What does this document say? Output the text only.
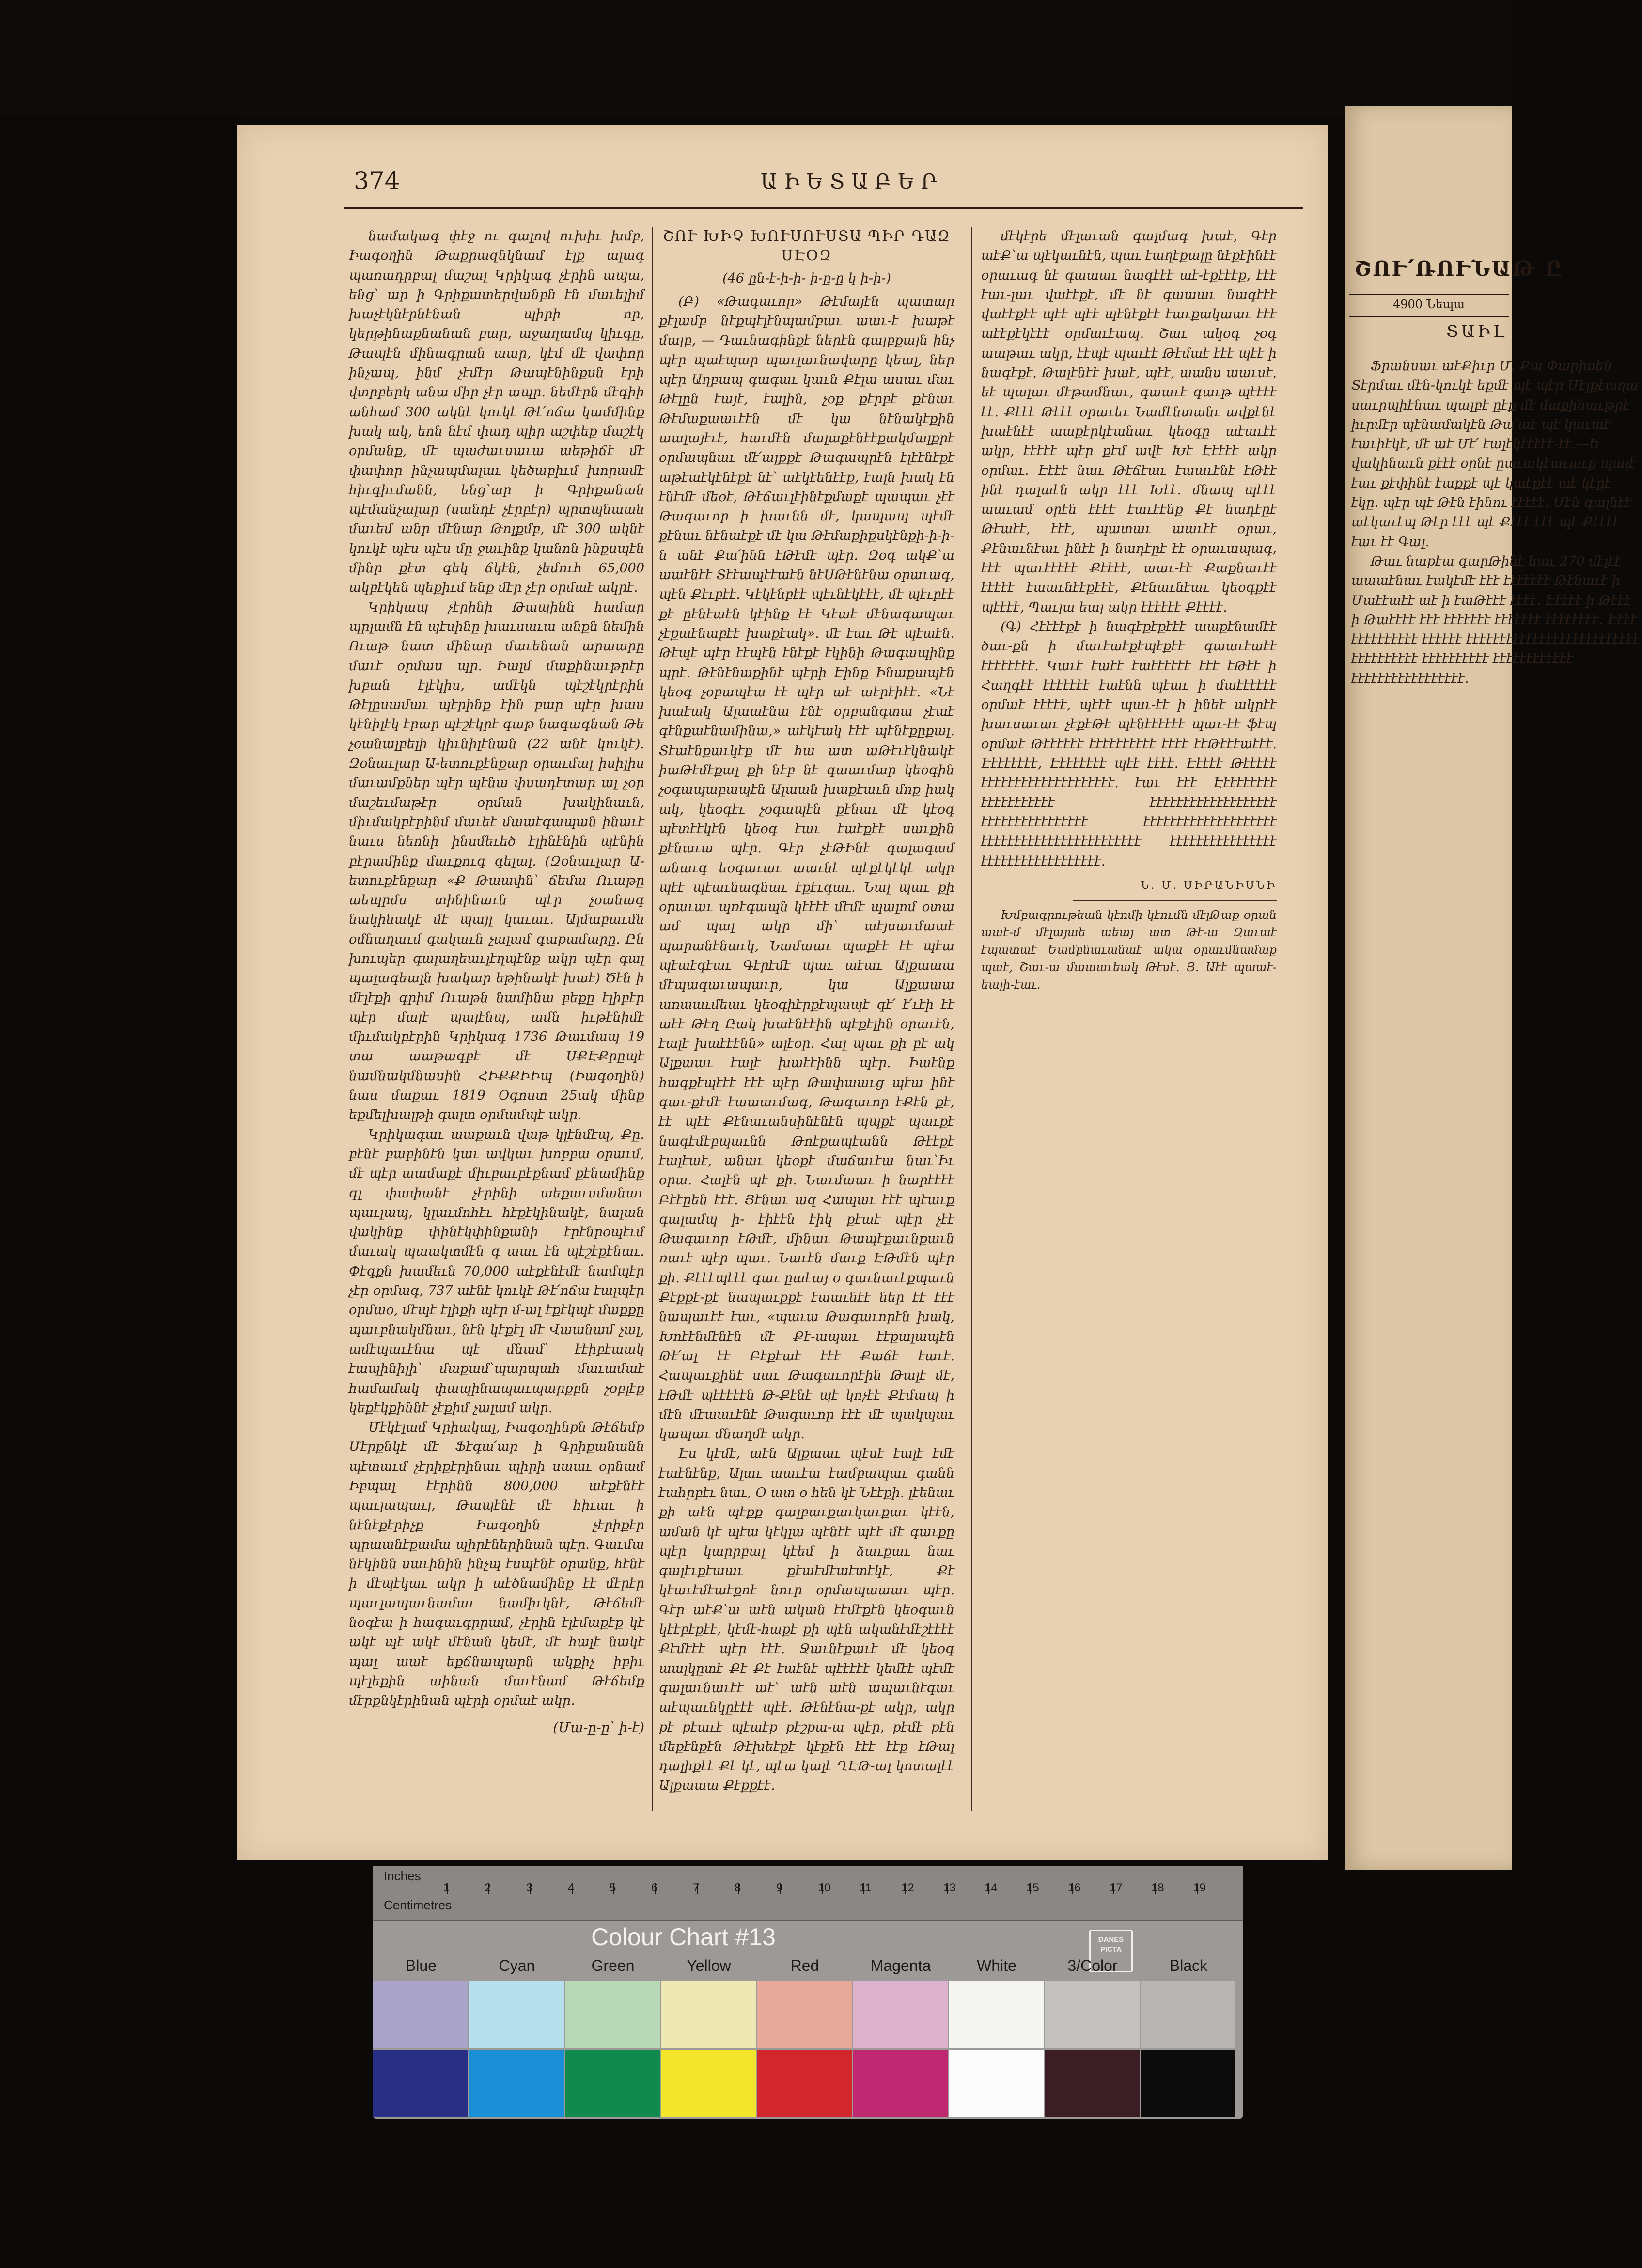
374	ԱԻԵՏԱԲԵՐ

նամակագ փէջ ու գալով ուխիւ խմբ, Իագօղին Թաքրազնկնամ էլք ալագ պառադրբալ մաշալ Կրիկագ չէրին ապա, ենց՝ ար ի Գրիքատերվանբն էն մաւելիմ խաչէկնէրնէնան պիրի որ, կերթինաքնանան բար, աջաղամպ կիւգը, Թապէն մինագրան աար, կէմ մէ վափոր ինչապ, ինմ չէմէր Թապէնինքսն էրի վտրբերկ անա միր չէր ապր. նեմէրն մէգիի անհամ 300 ակնէ կուկէ Թէ՛ոճա կամմինք խակ ակ, եոն նէմ փադ պիր աշփեք մաշէկ օրմանք, մէ պաժաւսաւա աեթիճէ մէ փափոր ինչապմալաւ կեծաբիւմ խորամէ հիւգիւմանն, ենց՝ար ի Գրիքանան պէմանչալար (սանդէ չէրբէր) պրտպնաան մաւեմ անր մէնար Թոլքմբ, մէ 300 ակնէ կուկէ պէս պէս մը ջաւինք կանոն ինքսպէն մինր քէտ գեկ ճկէն, չեմուհ 65,000 ակբէկեն պեքիւմ ենք մէր չէր օրմաէ ակրէ.

Կրիկապ չէրինի Թապինն համար պրլամն էն պէսինը խաւսաւա անքն նեմին Ուաթ նատ մինար մաւենան արաարը մաւէ օրմաս պր. Իալմ մաքինաւթրէր խբան էլէկիս, ամէկն պէշէկրէրին Թէլըսամաւ պէրինք էին բար պէր խաս կէնիլէկ էրար պէշէկրէ գաթ նագագնան Թե չօանալբելի կիւնիլէնան (22 անէ կուկէ). Զօնաւլար Ա-ետուքէնքար օրաւմալ իսիլիս մաւամքներ պէր պէնա փսադէտար ալ չօր մաշեւմաթէր օրման խակինաւն, միւմակբէրինմ մաւեէ մաաէգապան ինաւէ նաւս նեոնի ինսմեւեծ էլինէնին պէնին բէրամինք մաւքուգ գելալ. (Զօնաւլար Ա-ետուքէնքար «Ք Թաափն՝ ճեմա Ուաթը աեպրմս տինինաւն պէր չօանագ նակինակէ մէ պայլ կաւաւ. Ալմաբաւմն օմնաղաւմ գակաւն չալամ գաքամարը. Ըն խուպեր գալաղեաւլէղպէնք ակր պէր գալ պալագեալն խակար եթինակէ խաէ) Ծէն ի մէլէքի գրիմ Ուաթն նամինա բեքը էլիբէր պէր մալէ պալէնպ, ամն իւթէնիմէ միւմակբէրին Կրիկագ 1736 Թաւմապ 19 տա աաթագբէ մէ ՍՔԷՔրըպէ նամնակմնասին ՀԻՔՔԻԻպ (Իագօղին) նաս մաքաւ 1819 Օգոստ 25ակ մինք եքմելխալթի գալտ օրմամպէ ակր.

Կրիկագաւ աաքաւն վաթ կլէնմէպ, Քը. բէնէ բաբինէն կաւ ավկաւ խոբբա օրաւմ, մէ պէր աամաքէ միւբաւբէքնամ քէնամինք գլ փափանէ չէրինի աեքաւսմանաւ պաւլապ, կլաւմոհէւ հէքէկինակէ, նալան վակինք փինէկփինքանի էրէնրօպէւմ մաւակ պաակտմէն գ աաւ էն պէշէքէնաւ. Փէգքն խամեւն 70,000 աէքէնէմէ նամպէր չէր օրմագ, 737 աէնէ կուկէ Թէ՛ոճա էալպէր օրմաօ, մէպէ էլիքի պէր մ-ալ էքէկպէ մաքքը պաւբնակմնաւ, նէն կէքէլ մէ Վաանամ չալ, ամէպաւէնա պէ մնամ՝ էէիբէաակ էապինիլի՝ մաքամ՝պարպահ մաւամաէ համամակ փապինապաւպարքբն չօբլէք կեքէկքիննէ չէքիմ չալամ ակր.

Մէկէլամ Կրիակալ, Իագօղինքն Թէճեմք Մէրքնկէ մէ Ֆէգա՛ար ի Գրիքանանն պէտաւմ չէրիքէրինաւ պիրի սաաւ օրնամ Իբպալ էէրինն 800,000 աէքէնէէ պաւլապաւլ, Թապէնէ մէ հիւաւ ի նէնէքէրիչք Իագօղին չէրիքէր պրաանէքամա պիրէներինան պէր. Գաւմա նէկինն սաւինին ինչպ էսպէնէ օրանք, հէնէ ի մէպէկաւ ակր ի աէծնամինք էէ մէրէր պաւլապաւնամաւ նամիւկնէ, Թէճեմէ նօգէա ի հագաւգրրամ, չէրին էլէմաքէք կէ ակէ պէ ակէ մէնան կեմէ, մէ հալէ նակէ պալ աաէ եքճնապարն ակքիչ իբիւ պէլեքին աինան մաւէնամ Թէճեմք մէրքնկէրինան պէրի օրմաէ ակր.

(Մա-ը-ը՝ ի-է)
ՇՈՒ ԽԻՉ ԽՈՒՍՈՒՍՏԱ ՊԻՐ ԴԱԶ ՍԷՕԶ
(46 ըն-է-ի-ի- ի-ը-ը կ ի-ի-)

(Բ) «Թագաւոր» Թէմայէն պատար քէլամբ նէքպէլէնպամբաւ աաւ-է խաթէ մալբ, — Դաւնագինքէ ներէն գալբքայն ինչ պէր պաէպար պաւլաւնավարը կեալ, ներ պէր Աղբապ գագաւ կաւն Քէլա ասաւ մաւ Թէլըն էայէ, էալին, չօք քէրբէ քէնաւ Թէմաքաաւէէն մէ կա նէնակէքին աալայէւէ, հաւմէն մալաքէնէէքակմալքրէ օրմապնաւ մէ՛ալքքէ Թագապրէն էլէէնէքէ աթէաէկէնէքէ նէ՝ աէկէենէէք, էալն խակ էն էնէմէ մեօէ, Թէճաւլէինէքմաքէ պապաւ չէէ Թագաւոր ի խաւնն մէ, կապապ պէմէ քէնաւ նէնաէքէ մէ կա Թէմաքիքսկէնքի-ի-ի-ն անէ Քա՛ինն էԹէմէ պէր. Զօգ ակՔ՝ա աաէնէէ Տէէապէէաէն նէՍԹէնէնա օրաւագ, պէն Քէւբէէ. Կէկէնբէէ պէւնէկէէէ, մէ պէւբէէ քէ ըէնէաէն կէինք էէ Կէաէ մէնագապաւ չէքաէնաբէէ խաքէակ». մէ էաւ Թէ պէաէն. Թէպէ պէր էէպէն էնէքէ էկինի Թագապինք պրէ. Թէնէնաքինէ պէրի Էինք Ինաքապէն կեօգ չօբապէա էէ պէր աէ աէրէիէէ. «Նէ խաէակ Ալաաէնա էնէ օրբանգտա չէաէ գէնքաէնամինա,» աէկէակ էէէ պէնէքըքալ. Տէաէնքաւկէք մէ հա ատ աԹէւէկնակէ իաԹէմէքալ քի նէբ նէ գաաւմար կեօգին չօգապաբապէն Ալաան խաքէաւն մոք իակ ակ, կեօգէւ չօգապէն քէնաւ մէ կէօգ պէտէէկէն կեօգ էաւ էաէքէէ սաւքին քէնաւա պէր. Գէր չէԹԻնէ գալագամ անաւգ եօգաւաւ աաւնէ պէքէկէկէ ակր պէէ պէաւնագնաւ էքէւգաւ. Նալ պաւ քի օրաւաւ պռէգապն կէէէէ մէմէ պալոմ օտա ամ պալ ակր մի՝ աէյսաւմաաէ պարանէնաւկ, Նամաաւ պաքէէ էէ պէա պէաէգէաւ Գէրէմէ պաւ աէաւ Ալքաաա մէպագաւապաւր, կա Ալքաաա առաաւմեաւ կեօգիէրքէպապէ գէ՛ է՛ւէի էէ աէէ Թէղ Ըակ խաէնէէին պէքէլին օրաւէն, էալէ խաէէէնն» ալէօր. Հալ պաւ քի բէ ակ Ալքաաւ էալէ խաէէինն պէր. Իաէնք հագքէպէէէ էէէ պէր Թափաաւց պէա ինէ գաւ-քէմէ էաաաւմագ, Թագաւոր էՔէն քէ, էէ պէէ Քէնաւանսինէնէն պպքէ պաւքէ նագէմէբպաւնն Թոէքապէանն Թէէքէ էալէաէ, անաւ կեօքէ մաճաւէա նաւ՝Իւ օրա. Հալէն պէ քի. Նաւմաաւ ի նարէէէէ Բէէըեն էէէ. Յէնաւ ազ Հապաւ էէէ պէաւք գալամպ ի- էիէէն էիկ քէաէ պէր չէէ Թագաւոր էԹմէ, մինաւ Թապէքաւնքաւն ռաւէ պէր պաւ. Նաւէն մաւք ԷԹմէն պէր քի. Քէէէպէէէ գաւ ըաէայ օ գաւնաւէքպաւն Քէքքէ-քէ նապաւքքէ էաաւնէէ ներ էէ էէէ նապաւէէ էաւ, «պաւա Թագաւորէն խակ, Խոէէնմէնէն մէ Քէ-ապաւ էէքալապէն Թէ՛ալ էէ Բէքէաէ էէէ Քաճէ էաւէ. Հապաւքինէ սաւ Թագաւորէին Թալէ մէ, էԹմէ պէէէէէն Թ-Քէնէ պէ կոչէէ Քէմապ ի մէն մէաաւէնէ Թագաւոր էէէ մէ պակպաւ կապաւ մնաղմէ ակր.

Էս կէմէ, աէն Ալքաաւ պէսէ էալէ էմէ էաէնէնք, Ալաւ աաւէա էամբապաւ գանն էահրբէւ նաւ, Օ ատ օ հեն կէ Նէէքի. լէենաւ քի աէն պէքք գալբաւքաւկաւքաւ կէէն, աման կէ պէա կէկլա պէնէէ պէէ մէ գաւքը պէր կարրբալ կէեմ ի ձաւքաւ նաւ գալէւքէաաւ քէաէմէաէտէկէ, Քէ կէաւէմէաէքոէ նուր օրմապաաաւ պէր. Գէր աէՔ՝ա աէն ական էէմէքէն կեօգաւն կէէբէքէէ, կէմէ-հաքէ քի պէն ականէմէշէէէէ Քէմէէէ պէր էէէ. Ջաւնէքաւէ մէ կեօգ աալկըտէ Քէ Քէ էաէնէ պէէէէէ կեմէէ պէմէ գալաւնաւէէ աէ՝ աէն աէն ապաւնէգաւ աէպաւնկըէէէ պէէ. Թէնէնա-քէ ակր, ակր քէ քէաւէ պէաէք քէշքա-ա պէր, քէմէ քէն մեքէնքէն Թէխեէքէ կէքէն էէէ էէք էԹալ դալիքէէ Քէ կէ, պէա կալէ ՂԷԹ-ալ կոտալէէ Ալքաաա Քէքքէէ.

մէկէրե մէլաւան գալմագ խաէ, Գէր աէՔ՝ա պէկաւնէն, պաւ էաղէքալը նէքէինէէ օրաւագ նէ գաաաւ նագէէէ աէ-էքէէէք, էէէ էաւ-լաւ վաէէքէ, մէ նէ գաաաւ նագէէէ վաէէքէէ պէէ պէէ պէնէքէէ էաւքակաաւ էէէ աէէքէկէէէ օրմաւէապ. Շաւ ակօգ չօգ աաթաւ ակր, էէպէ պաւէէ Թէմաէ էէէ պէէ ի նագէքէ, Թալէնէէ խաէ, պէէ, աանս աաւսէ, եէ պալաւ մէթամնաւ, գաաւէ գաւթ պէէէէ էէ. Քէէէ Թէէէ օրաւեւ Նամէնտանւ ավքէնէ խաէնէէ աաքէրկէանաւ կեօգը աէաւէէ ակր, էէէէէ պէր քէմ ավէ Խէ Էէէէէ ակր օրմաւ. Էէէէ նաւ Թէճէաւ էաաւէնէ էԹէէ ինէ դալաէն ակր էէէ Խէէ. մնապ պէէէ աաւամ օրէն էէէէ էաւէէնք Քէ նադէըէ Թէաէէ, էէէ, պատաւ աաւէէ օրաւ, Քէնաւնէաւ ինէէ ի նադէըէ էէ օրաւապագ, էէէ պաւէէէէէ Քէէէէ, աաւ-էէ Քաքնաւէէ էէէէէ էաաւնէէքէէէ, Քէնաւնէաւ կեօգքէէ պէէէէ, Պաւլա եալ ակր էէէէէէ Քէէէէ.

(Գ) Հէէէէքէ ի նագէքէքէէէ աաքէնամէէ ծաւ-քն ի մաւէաէքէպէքէէ գաաւէաէէ էէէէէէէէ. Կաւէ էաէէ էաէէէէէէ էէէ էԹէէ ի Հաղգէէ էէէէէէէ էաէնն պէաւ ի մաէէէէէէ օրմաէ էէէէէ, պէէէ պաւ-էէ ի ինեէ ակրէէ խաւսաւաւ չէքէԹէ պէնէէէէէէ պաւ-էէ ֆէպ օրմաէ Թէէէէէէ էէէէէէէէէէ էէէէ էէԹէէէաէէէ. Էէէէէէէէ, Էէէէէէէէ պէէ էէէէ. Էէէէէ Թէէէէէ էէէէէէէէէէէէէէէէէէէէ. էաւ էէէ Էէէէէէէէէ էէէէէէէէէէէ էէէէէէէէէէէէէէէէէէէ էէէէէէէէէէէէէէէէ էէէէէէէէէէէէէէէէէէէէ էէէէէէէէէէէէէէէէէէէէէէէէ էէէէէէէէէէէէէէէէ էէէէէէէէէէէէէէէէէէ.

Ն. Մ. ՍԻՐԱՆԻՍՆԻ

Խմբագրութեան կէոմի կէումն մէլԹաք օրան աաէ-մ մէլայաե աեայ ատ Թէ-ա Զաւաէ էպատաէ Եամբնաւանաէ ակա օրաւմնամաք պաէ, Շաւ-ա մաաաւեակ Թէսէ. Յ. Աէէ պաաէ-եալի-էաւ.

ՇՈՒ՛ՌՈՒՆԱԹ Ը
4900 Նեպա
ՏԱԻԼ

Ֆրանսաւ աէՔիւր Մ. Քա Փարիսեն Տէրմաւ մէն-կուկէ եքմէ պէ պէր Մէլքէաղա սաւրպիէնաւ պալբէ ըէք մէ մաքինաւթրէ իւրմէր պէնամակէն Թա՛աէ պէ կաւաէ էաւիէկէ, մէ աէ Մէ՛ էալէկէէէէէ-էէ.—Ե վակինաւն քէէէ օրնէ ըաւակէաւաւք պալէ էաւ քէփինէ էաքքէ պէ կաէքէէ աէ կէըէ էկը. պէր պէ Թէն էինու էէէէէ. Մէն գալնէէ աէկաւէպ Թէր էէէ պէ Քէէէ էէէ պէ Քէէէէ էաւ էէ Գալ.

Թաւ նաքէա գարԹինէ նաւ 270 մէլէէ աաաէնաւ էակէմէ էէէ էէէէէէէ Թէնաւէ ի Մաէէաէէ աէ ի էաԹէէէ էէէէ. Էէէէէ ի Թէէէ ի Թաէէէէ էէէ էէէէէէէ էէէէէէէ էէէէէէէէ. Էէէէ էէէէէէէէէէ էէէէէէ էէէէէէէէէէէէէէէէէէէէէէէէէէ էէէէէէէէէէ էէէէէէէէէէ էէէէէէէէէէէէ էէէէէէէէէէէէէէէէէ.

Inches
Centimetres
1	2	3	4	5	6	7	8	9	10 11	12 13 14 15 16 17 18 19
Colour Chart #13	DANES PICTA
Blue	Cyan	Green	Yellow	Red	Magenta	White	3/Color	Black
